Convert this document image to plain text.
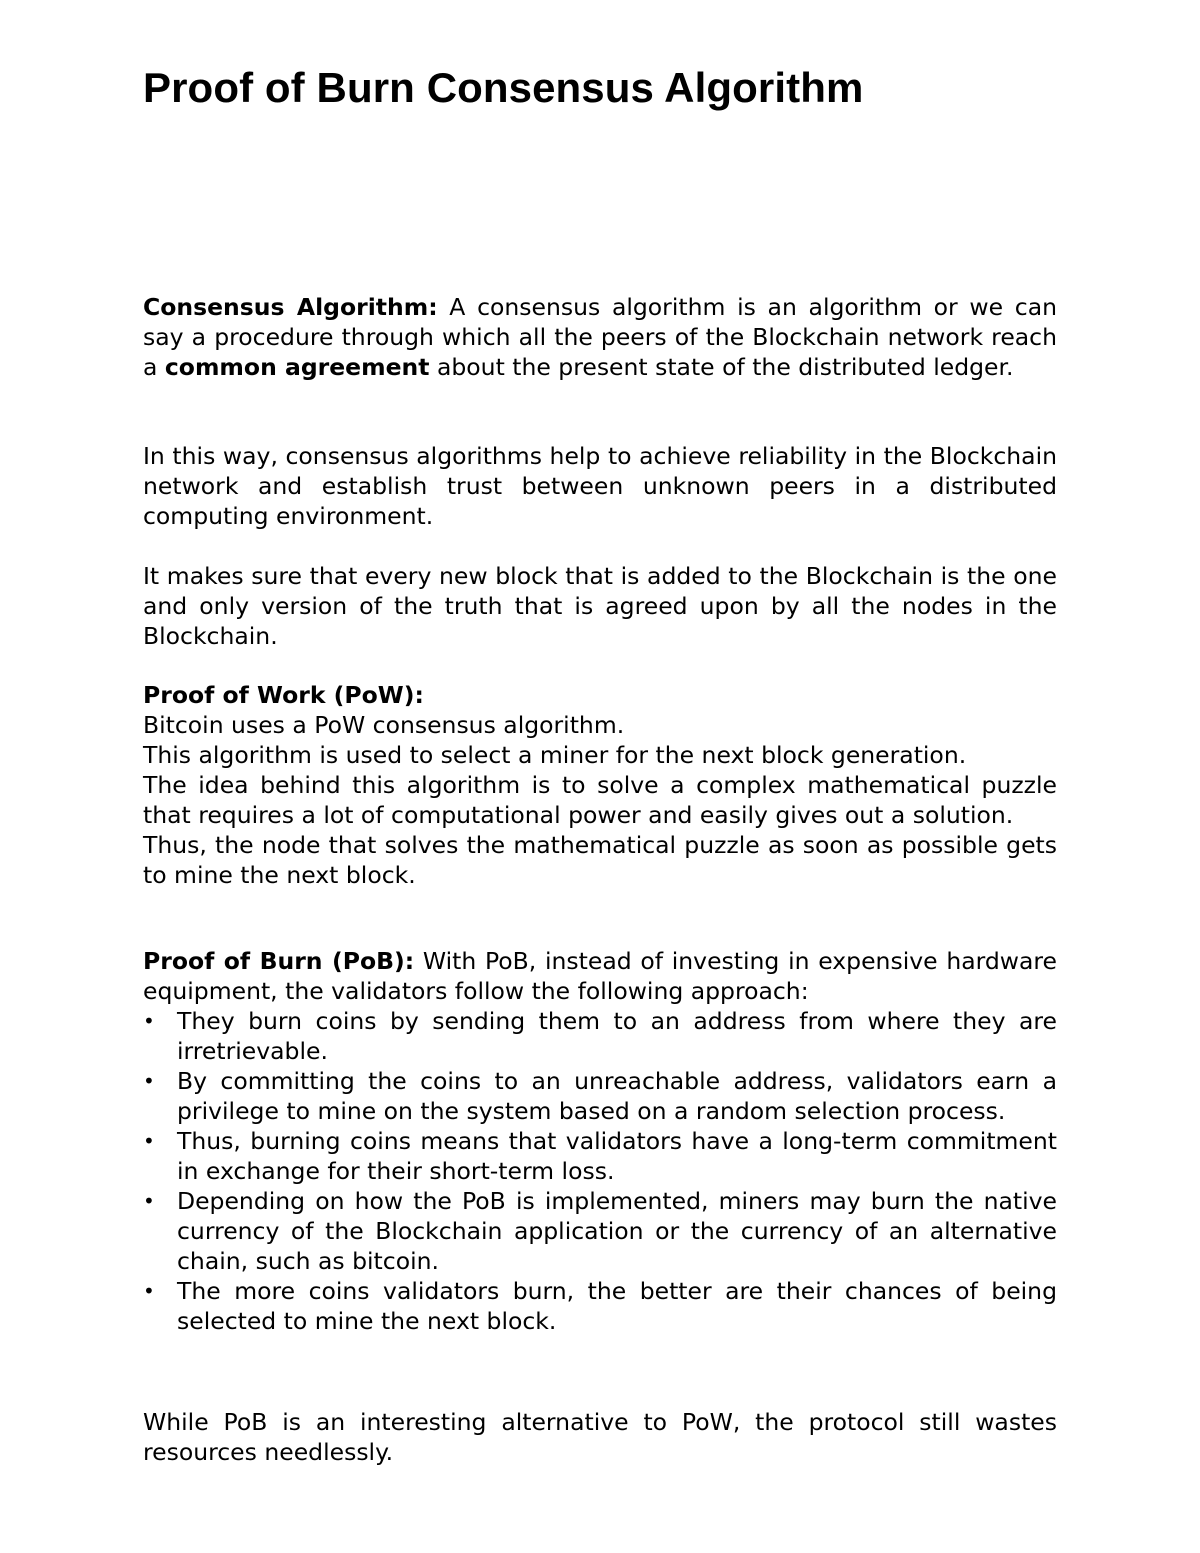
Proof of Burn Consensus Algorithm

Consensus Algorithm: A consensus algorithm is an algorithm or we can say a procedure through which all the peers of the Blockchain network reach a common agreement about the present state of the distributed ledger.

In this way, consensus algorithms help to achieve reliability in the Blockchain network and establish trust between unknown peers in a distributed computing environment.

It makes sure that every new block that is added to the Blockchain is the one and only version of the truth that is agreed upon by all the nodes in the Blockchain.

Proof of Work (PoW):
Bitcoin uses a PoW consensus algorithm.
This algorithm is used to select a miner for the next block generation.
The idea behind this algorithm is to solve a complex mathematical puzzle that requires a lot of computational power and easily gives out a solution.
Thus, the node that solves the mathematical puzzle as soon as possible gets to mine the next block.
Proof of Burn (PoB): With PoB, instead of investing in expensive hardware equipment, the validators follow the following approach:
• They burn coins by sending them to an address from where they are irretrievable.
• By committing the coins to an unreachable address, validators earn a privilege to mine on the system based on a random selection process.
• Thus, burning coins means that validators have a long-term commitment in exchange for their short-term loss.
• Depending on how the PoB is implemented, miners may burn the native currency of the Blockchain application or the currency of an alternative chain, such as bitcoin.
• The more coins validators burn, the better are their chances of being selected to mine the next block.

While PoB is an interesting alternative to PoW, the protocol still wastes resources needlessly.
